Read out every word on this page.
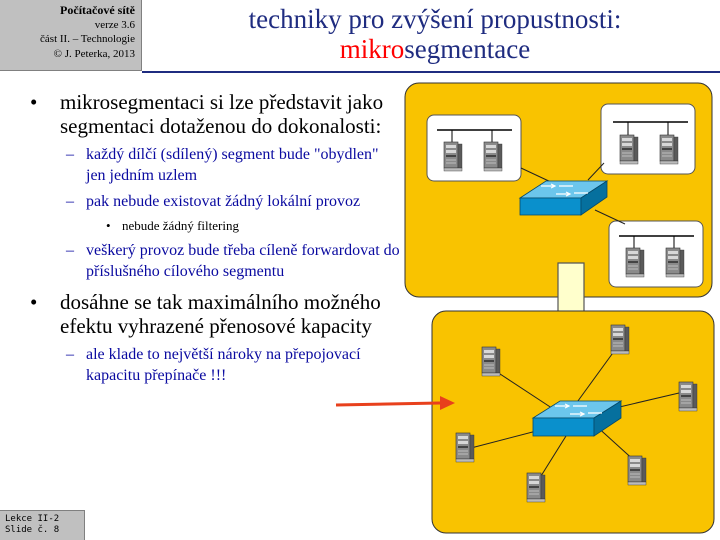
Počítačové sítě
verze 3.6
část II. – Technologie
© J. Peterka, 2013
techniky pro zvýšení propustnosti:
mikrosegmentace
• mikrosegmentaci si lze představit jako segmentaci dotaženou do dokonalosti:
– každý dílčí (sdílený) segment bude "obydlen" jen jedním uzlem
– pak nebude existovat žádný lokální provoz
• nebude žádný filtering
– veškerý provoz bude třeba cíleně forwardovat do příslušného cílového segmentu
• dosáhne se tak maximálního možného efektu vyhrazené přenosové kapacity
– ale klade to největší nároky na přepojovací kapacitu přepínače !!!
Lekce II-2
Slide č. 8
